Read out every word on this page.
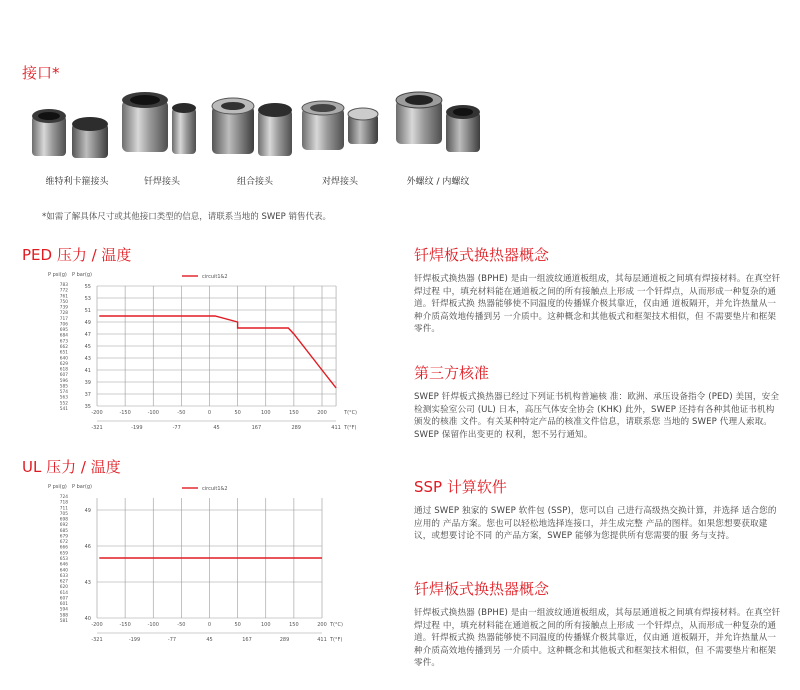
接口*
维特利卡箍接头	钎焊接头	组合接头	对焊接头	外螺纹 / 内螺纹
*如需了解具体尺寸或其他接口类型的信息，请联系当地的 SWEP 销售代表。
PED 压力 / 温度
P psi(g) P bar(g)	circuit1&2
-200	-150	-100	-50	0	50	100	150	200
35
37
39
41
43
45
47
49
51
53
55
783
772
761
750
739
728
717
706
695
684
673
662
651
640
629
618
607
596
585
574
563
552
541
-321	-199	-77	45	167	289	411
T(°C)
T(°F)
UL 压力 / 温度
P psi(g) P bar(g)	circuit1&2
-200	-150	-100	-50	0	50	100	150	200
40
43
46
49
724
718
711
705
698
692
685
679
672
666
659
653
646
640
633
627
620
614
607
601
594
588
581
-321	-199	-77	45	167	289	411
T(°C)
T(°F)
钎焊板式换热器概念

钎焊板式换热器 (BPHE) 是由一组波纹通道板组成，其每层通道板之间填有焊接材料。在真空钎焊过程 中，填充材料能在通道板之间的所有接触点上形成 一个钎焊点，从而形成一种复杂的通道。钎焊板式换 热器能够使不同温度的传播媒介极其靠近，仅由通 道板隔开，并允许热量从一种介质高效地传播到另 一介质中。这种概念和其他板式和框架技术相似，但 不需要垫片和框架零件。

第三方核准

SWEP 钎焊板式换热器已经过下列证书机构普遍核 准：欧洲、承压设备指令 (PED) 美国，安全检测实验室公司 (UL) 日本，高压气体安全协会 (KHK) 此外，SWEP 还持有各种其他证书机构颁发的核准 文件。有关某种特定产品的核准文件信息，请联系您 当地的 SWEP 代理人索取。SWEP 保留作出变更的 权利，恕不另行通知。

SSP 计算软件

通过 SWEP 独家的 SWEP 软件包 (SSP)，您可以自 己进行高级热交换计算，并选择 适合您的应用的 产品方案。您也可以轻松地选择连接口，并生成完整 产品的图样。如果您想要获取建议，或想要讨论不同 的产品方案，SWEP 能够为您提供所有您需要的服 务与支持。

钎焊板式换热器概念

钎焊板式换热器 (BPHE) 是由一组波纹通道板组成，其每层通道板之间填有焊接材料。在真空钎焊过程 中，填充材料能在通道板之间的所有接触点上形成 一个钎焊点，从而形成一种复杂的通道。钎焊板式换 热器能够使不同温度的传播媒介极其靠近，仅由通 道板隔开，并允许热量从一种介质高效地传播到另 一介质中。这种概念和其他板式和框架技术相似，但 不需要垫片和框架零件。
